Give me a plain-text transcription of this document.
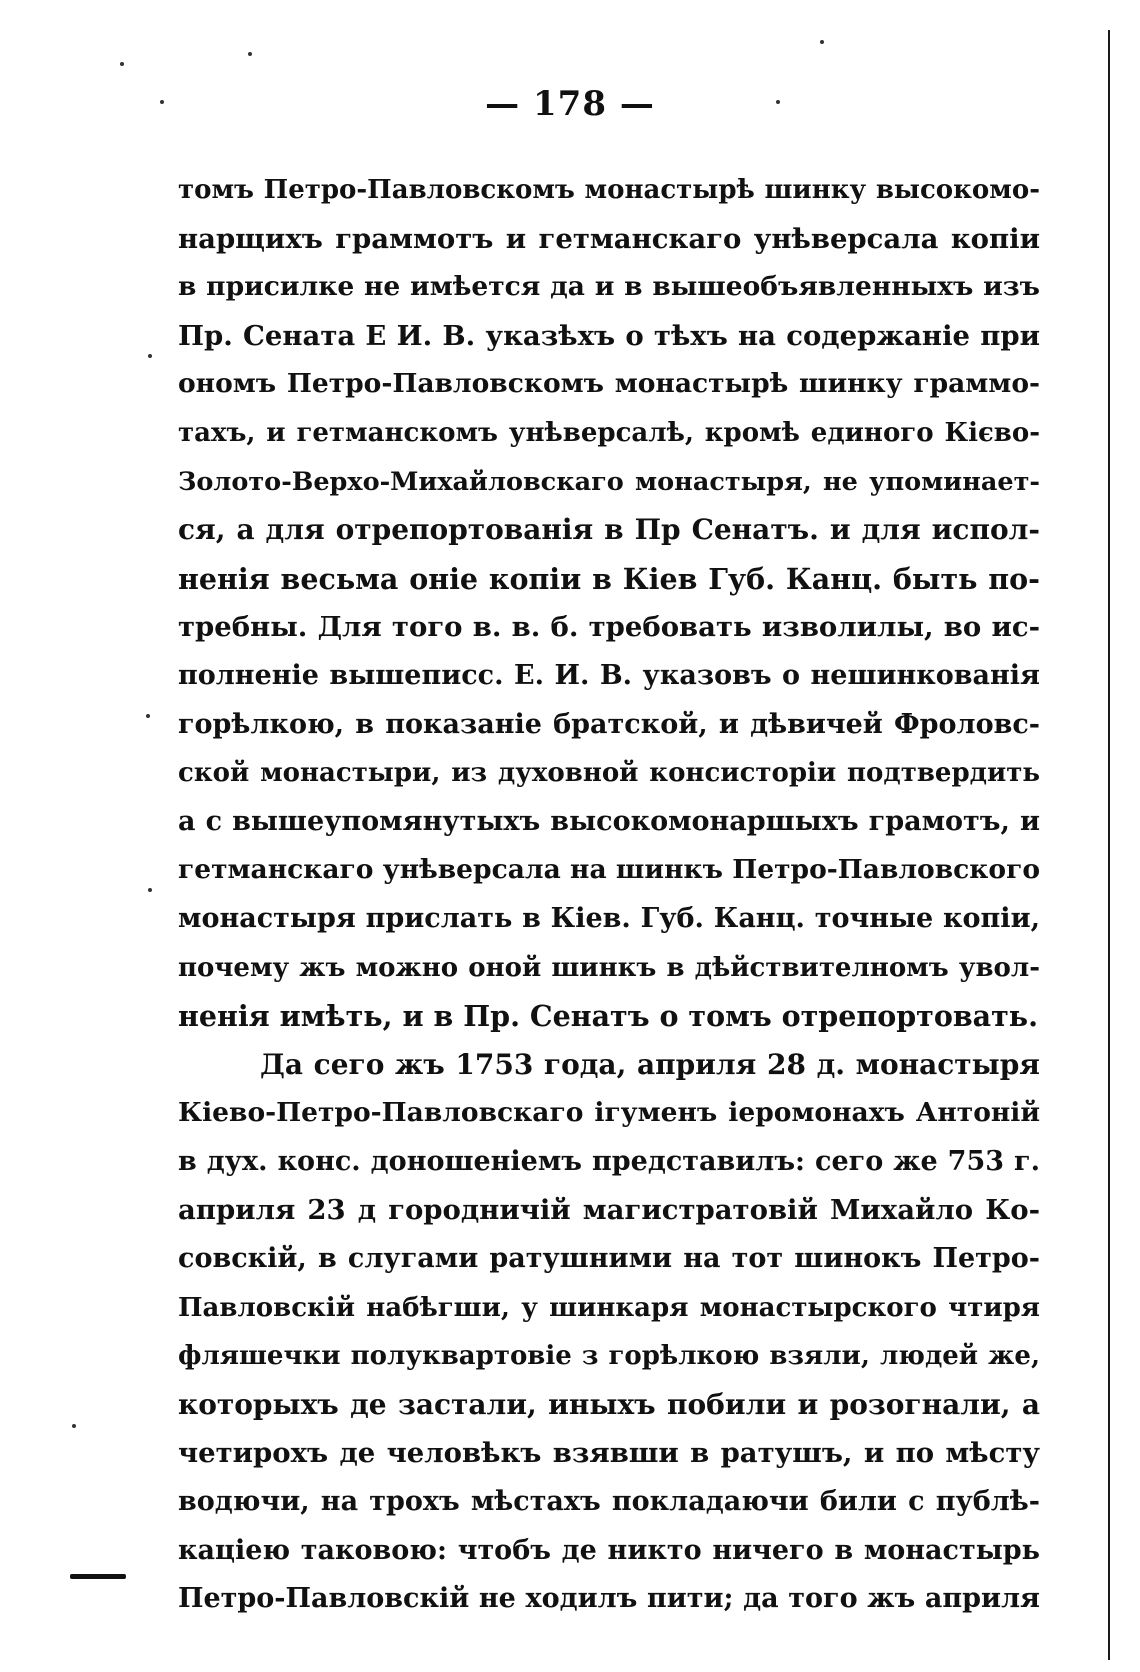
— 178 —
томъ Петро-Павловскомъ монастырѣ шинку высокомо-
нарщихъ граммотъ и гетманскаго унѣверсала копіи
в присилке не имѣется да и в вышеобъявленныхъ изъ
Пр. Сената Е И. В. указѣхъ о тѣхъ на содержаніе при
ономъ Петро-Павловскомъ монастырѣ шинку граммо-
тахъ, и гетманскомъ унѣверсалѣ, кромѣ единого Кієво-
Золото-Верхо-Михайловскаго монастыря, не упоминает-
ся, а для отрепортованія в Пр Сенатъ. и для испол-
ненія весьма оніе копіи в Кіев Губ. Канц. быть по-
требны. Для того в. в. б. требовать изволилы, во ис-
полненіе вышеписс. Е. И. В. указовъ о нешинкованія
горѣлкою, в показаніе братской, и дѣвичей Фроловс-
ской монастыри, из духовной консисторіи подтвердить
а с вышеупомянутыхъ высокомонаршыхъ грамотъ, и
гетманскаго унѣверсала на шинкъ Петро-Павловского
монастыря прислать в Кіев. Губ. Канц. точные копіи,
почему жъ можно оной шинкъ в дѣйствителномъ увол-
ненія имѣть, и в Пр. Сенатъ о томъ отрепортовать.
Да сего жъ 1753 года, априля 28 д. монастыря
Кіево-Петро-Павловскаго ігуменъ іеромонахъ Антоній
в дух. конс. доношеніемъ представилъ: сего же 753 г.
априля 23 д городничій магистратовій Михайло Ко-
совскій, в слугами ратушними на тот шинокъ Петро-
Павловскій набѣгши, у шинкаря монастырского чтиря
фляшечки полуквартовіе з горѣлкою взяли, людей же,
которыхъ де застали, иныхъ побили и розогнали, а
четирохъ де человѣкъ взявши в ратушъ, и по мѣсту
водючи, на трохъ мѣстахъ покладаючи били с публѣ-
каціею таковою: чтобъ де никто ничего в монастырь
Петро-Павловскій не ходилъ пити; да того жъ априля
